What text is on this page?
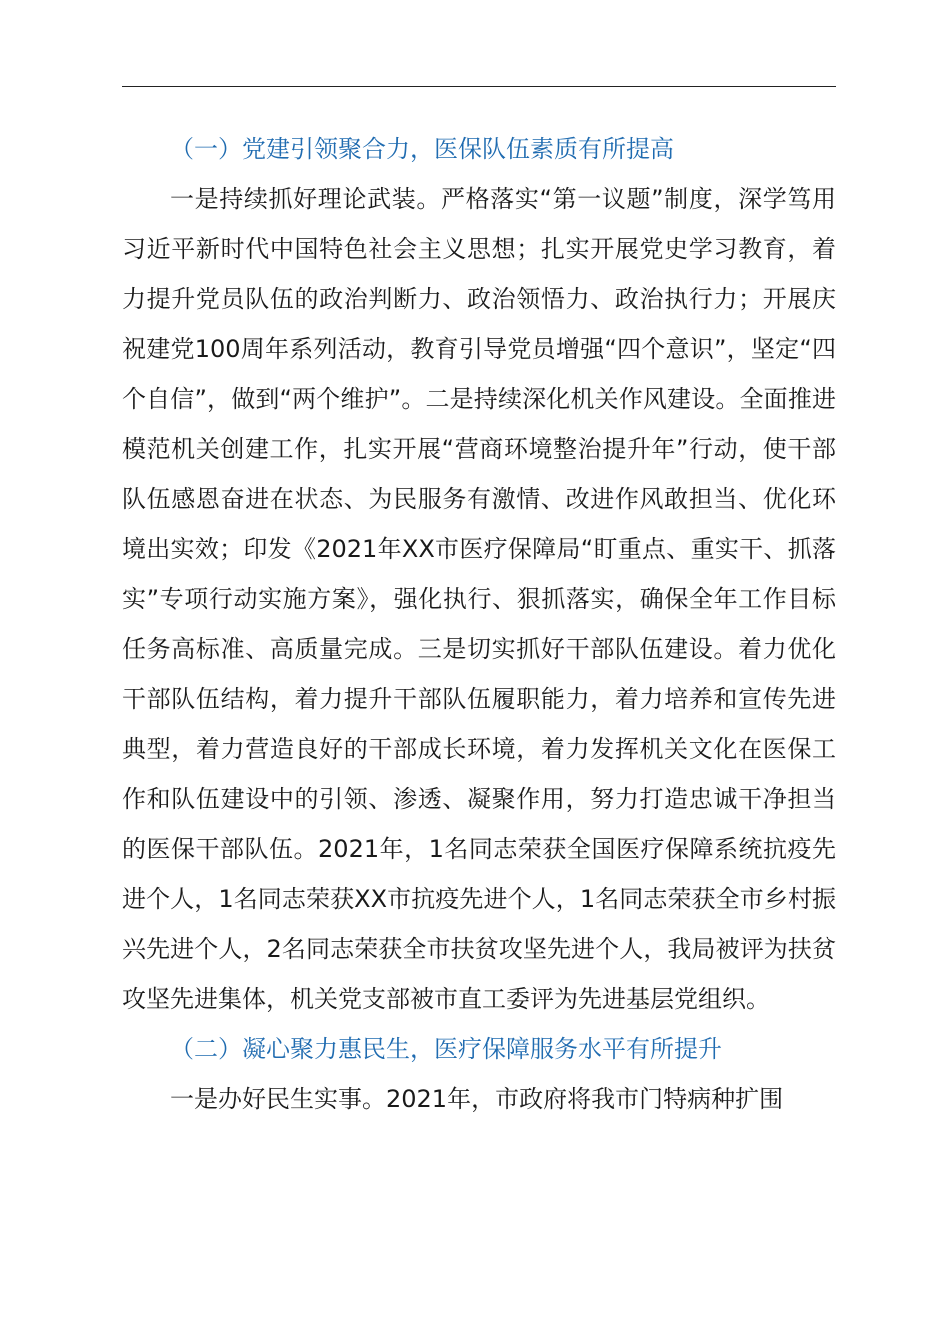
（一）党建引领聚合力，医保队伍素质有所提高

一是持续抓好理论武装。严格落实“第一议题”制度，深学笃用习近平新时代中国特色社会主义思想；扎实开展党史学习教育，着力提升党员队伍的政治判断力、政治领悟力、政治执行力；开展庆祝建党100周年系列活动，教育引导党员增强“四个意识”，坚定“四个自信”，做到“两个维护”。二是持续深化机关作风建设。全面推进模范机关创建工作，扎实开展“营商环境整治提升年”行动，使干部队伍感恩奋进在状态、为民服务有激情、改进作风敢担当、优化环境出实效；印发《2021年XX市医疗保障局“盯重点、重实干、抓落实”专项行动实施方案》，强化执行、狠抓落实，确保全年工作目标任务高标准、高质量完成。三是切实抓好干部队伍建设。着力优化干部队伍结构，着力提升干部队伍履职能力，着力培养和宣传先进典型，着力营造良好的干部成长环境，着力发挥机关文化在医保工作和队伍建设中的引领、渗透、凝聚作用，努力打造忠诚干净担当的医保干部队伍。2021年，1名同志荣获全国医疗保障系统抗疫先进个人，1名同志荣获XX市抗疫先进个人，1名同志荣获全市乡村振兴先进个人，2名同志荣获全市扶贫攻坚先进个人，我局被评为扶贫攻坚先进集体，机关党支部被市直工委评为先进基层党组织。

（二）凝心聚力惠民生，医疗保障服务水平有所提升

一是办好民生实事。2021年，市政府将我市门特病种扩围
